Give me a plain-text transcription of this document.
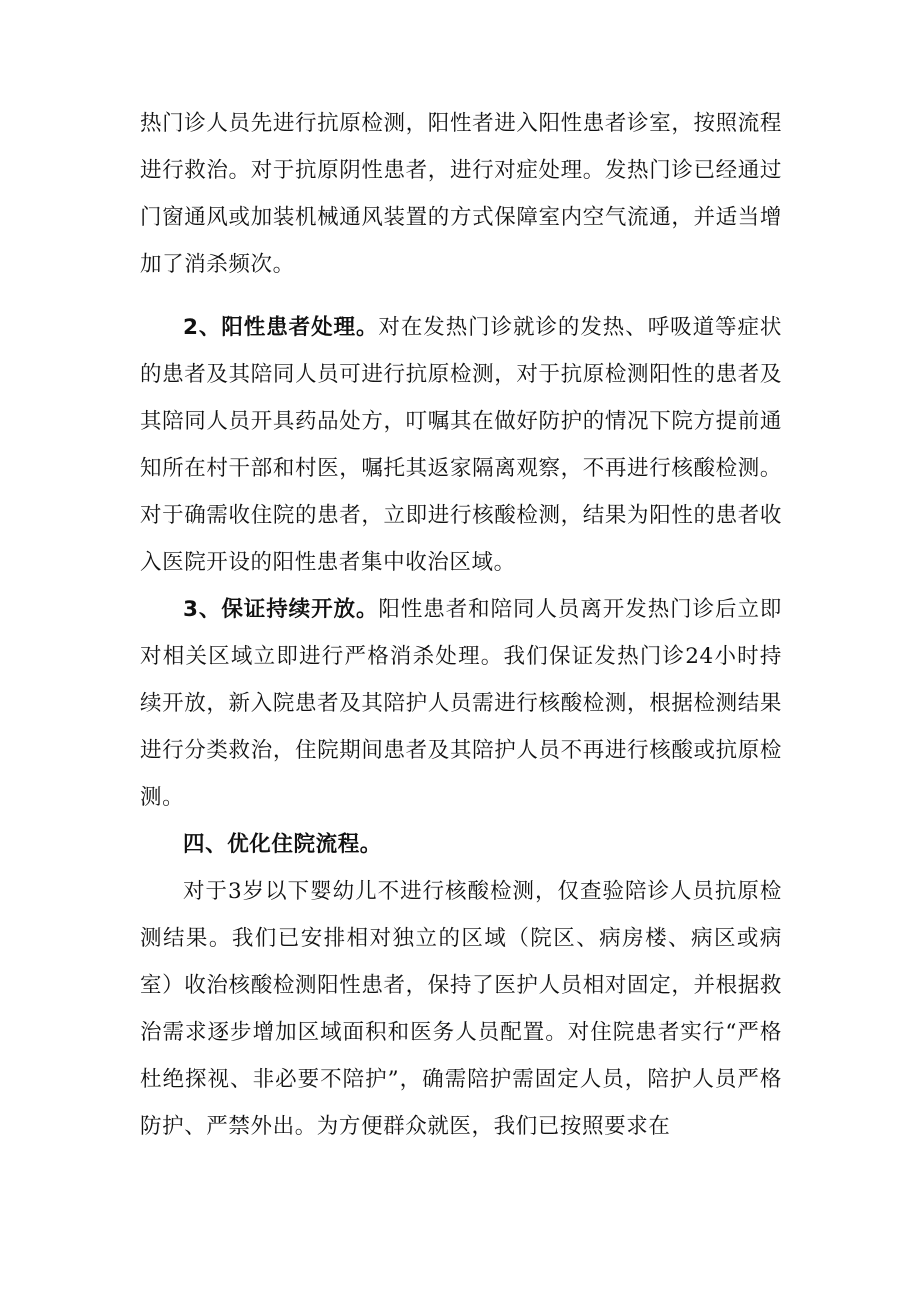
热门诊人员先进行抗原检测，阳性者进入阳性患者诊室，按照流程进行救治。对于抗原阴性患者，进行对症处理。发热门诊已经通过门窗通风或加装机械通风装置的方式保障室内空气流通，并适当增加了消杀频次。

2、阳性患者处理。对在发热门诊就诊的发热、呼吸道等症状的患者及其陪同人员可进行抗原检测，对于抗原检测阳性的患者及其陪同人员开具药品处方，叮嘱其在做好防护的情况下院方提前通知所在村干部和村医，嘱托其返家隔离观察，不再进行核酸检测。对于确需收住院的患者，立即进行核酸检测，结果为阳性的患者收入医院开设的阳性患者集中收治区域。

3、保证持续开放。阳性患者和陪同人员离开发热门诊后立即对相关区域立即进行严格消杀处理。我们保证发热门诊24小时持续开放，新入院患者及其陪护人员需进行核酸检测，根据检测结果进行分类救治，住院期间患者及其陪护人员不再进行核酸或抗原检测。

四、优化住院流程。

对于3岁以下婴幼儿不进行核酸检测，仅查验陪诊人员抗原检测结果。我们已安排相对独立的区域（院区、病房楼、病区或病室）收治核酸检测阳性患者，保持了医护人员相对固定，并根据救治需求逐步增加区域面积和医务人员配置。对住院患者实行“严格杜绝探视、非必要不陪护”，确需陪护需固定人员，陪护人员严格防护、严禁外出。为方便群众就医，我们已按照要求在
